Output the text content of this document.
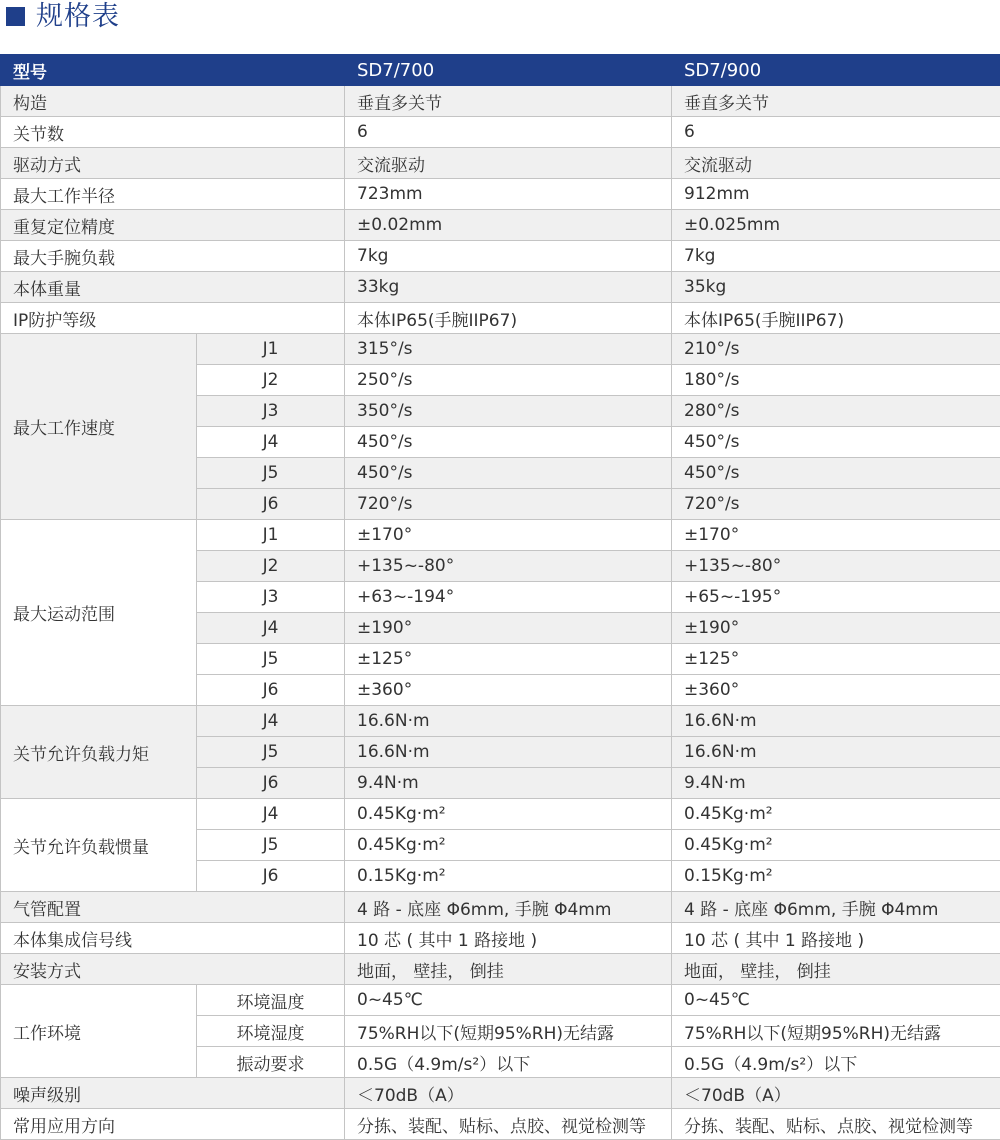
规格表
型号		SD7/700	SD7/900
构造		垂直多关节	垂直多关节
关节数		6	6
驱动方式		交流驱动	交流驱动
最大工作半径		723mm	912mm
重复定位精度		±0.02mm	±0.025mm
最大手腕负载		7kg	7kg
本体重量		33kg	35kg
IP防护等级		本体IP65(手腕IIP67)	本体IP65(手腕IIP67)
最大工作速度	J1	315°/s	210°/s
	J2	250°/s	180°/s
	J3	350°/s	280°/s
	J4	450°/s	450°/s
	J5	450°/s	450°/s
	J6	720°/s	720°/s
最大运动范围	J1	±170°	±170°
	J2	+135~-80°	+135~-80°
	J3	+63~-194°	+65~-195°
	J4	±190°	±190°
	J5	±125°	±125°
	J6	±360°	±360°
关节允许负载力矩	J4	16.6N·m	16.6N·m
	J5	16.6N·m	16.6N·m
	J6	9.4N·m	9.4N·m
关节允许负载惯量	J4	0.45Kg·m²	0.45Kg·m²
	J5	0.45Kg·m²	0.45Kg·m²
	J6	0.15Kg·m²	0.15Kg·m²
气管配置		4 路 - 底座 Φ6mm, 手腕 Φ4mm	4 路 - 底座 Φ6mm, 手腕 Φ4mm
本体集成信号线		10 芯 ( 其中 1 路接地 )	10 芯 ( 其中 1 路接地 )
安装方式		地面， 壁挂， 倒挂	地面， 壁挂， 倒挂
工作环境	环境温度	0~45℃	0~45℃
	环境湿度	75%RH以下(短期95%RH)无结露	75%RH以下(短期95%RH)无结露
	振动要求	0.5G（4.9m/s²）以下	0.5G（4.9m/s²）以下
噪声级别		＜70dB（A）	＜70dB（A）
常用应用方向		分拣、装配、贴标、点胶、视觉检测等	分拣、装配、贴标、点胶、视觉检测等
